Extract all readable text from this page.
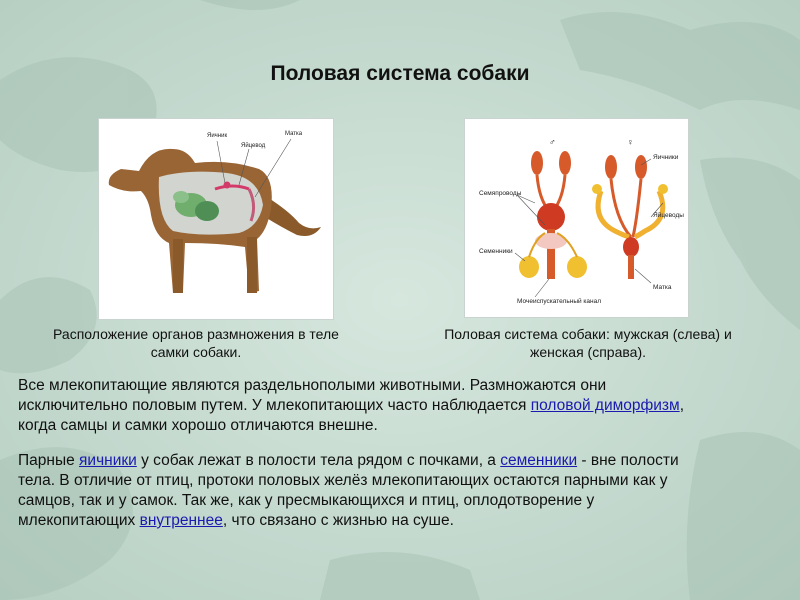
Половая система собаки
Яичник
Яйцевод
Матка
♂	♀
Семяпроводы
Семенники
Мочеиспускательный канал
Яичники
Яйцеводы
Матка
Расположение органов размножения в теле
самки собаки.
Половая система собаки: мужская (слева) и
женская (справа).
Все млекопитающие являются раздельнополыми животными. Размножаются они
исключительно половым путем. У млекопитающих часто наблюдается половой диморфизм,
когда самцы и самки хорошо отличаются внешне.
Парные яичники у собак лежат в полости тела рядом с почками, а семенники - вне полости
тела. В отличие от птиц, протоки половых желёз млекопитающих остаются парными как у
самцов, так и у самок. Так же, как у пресмыкающихся и птиц, оплодотворение у
млекопитающих внутреннее, что связано с жизнью на суше.
